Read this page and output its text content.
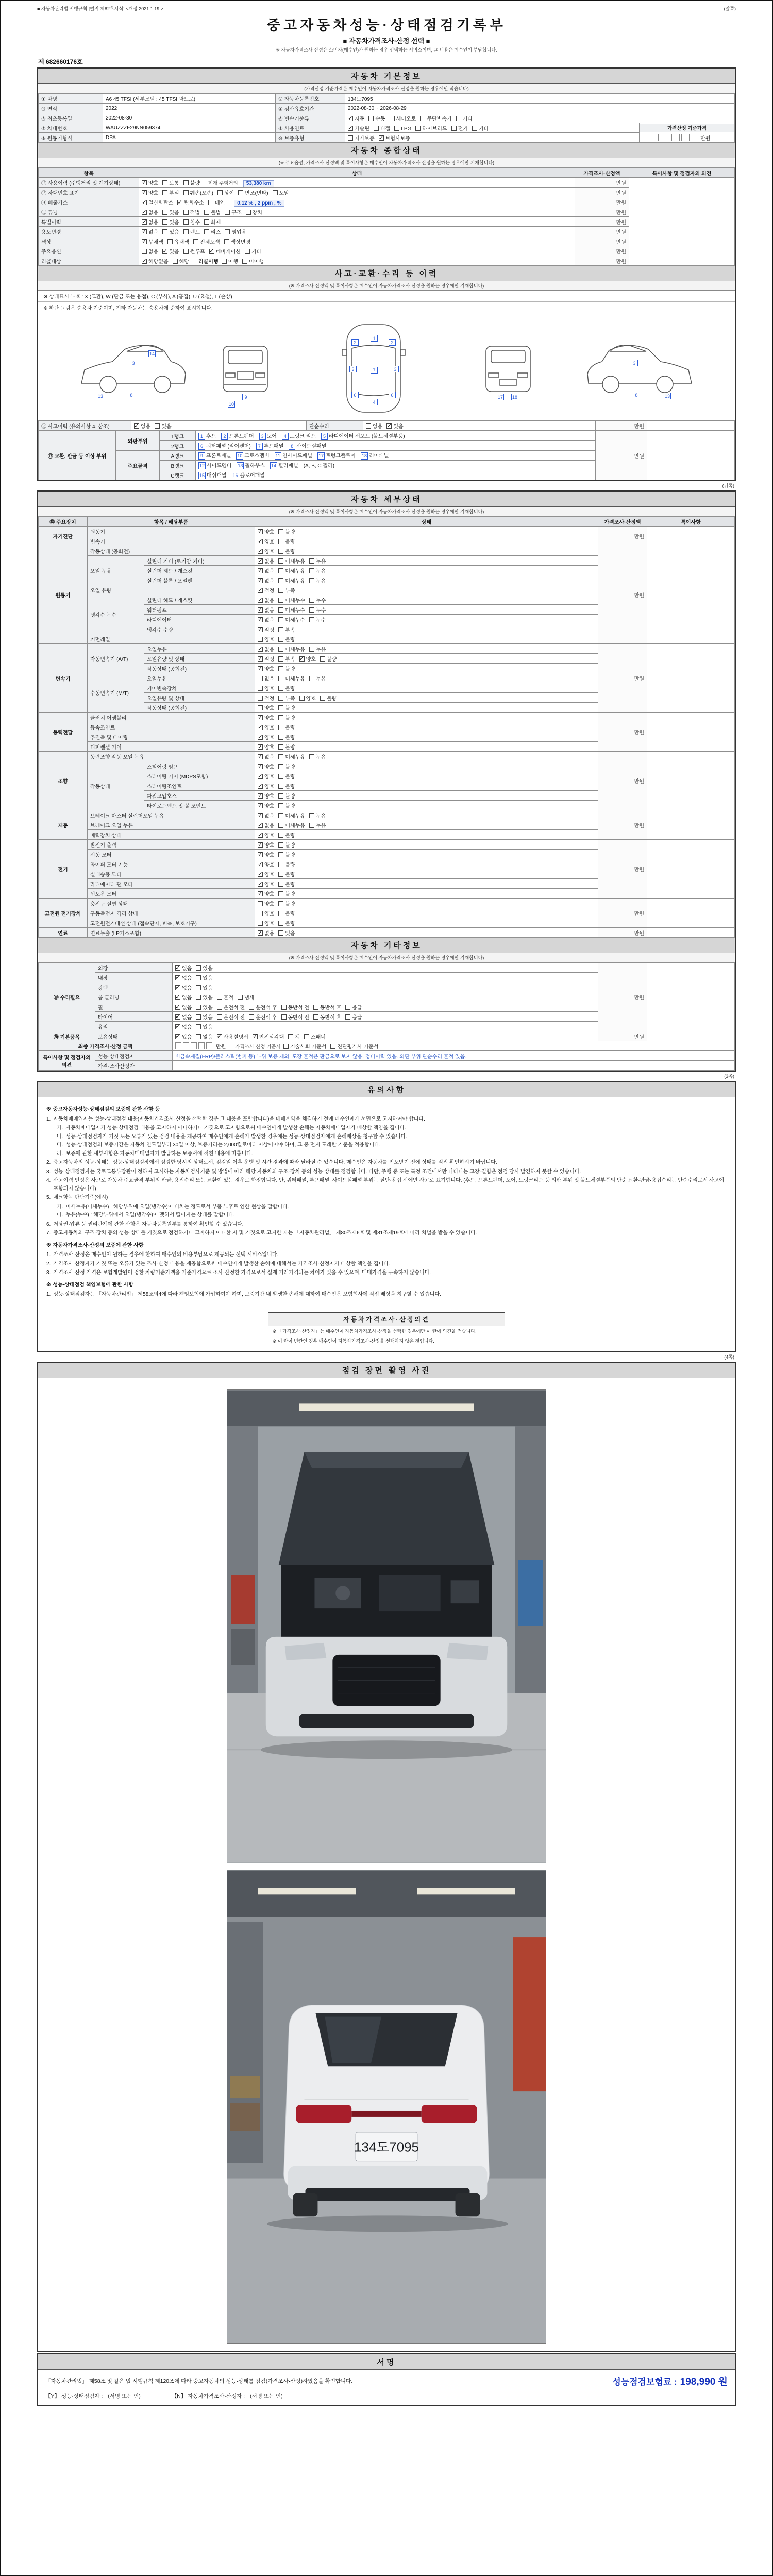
■ 자동차관리법 시행규칙 [별지 제82호서식] <개정 2021.1.19.>	(앞쪽)
중고자동차성능·상태점검기록부
■ 자동차가격조사·산정 선택 ■
※ 자동차가격조사·산정은 소비자(매수인)가 원하는 경우 선택하는 서비스이며, 그 비용은 매수인이 부담합니다.
제 682660176호
자동차 기본정보
(가격산정 기준가격은 매수인이 자동차가격조사·산정을 원하는 경우에만 적습니다)
① 차명	A6 45 TFSI (세부모델 : 45 TFSI 콰트로)	② 자동차등록번호	134도7095	
③ 연식	2022	④ 검사유효기간	2022-08-30 ~ 2026-08-29	
⑤ 최초등록일	2022-08-30	⑥ 변속기종류	✓자동 수동 세미오토 무단변속기 기타
⑦ 차대번호	WAUZZZF29NN059374	⑧ 사용연료	✓가솔린 디젤 LPG 하이브리드 전기 기타	가격산정 기준가격
만원

⑨ 원동기형식	DPA	⑩ 보증유형	자가보증 ✓ 보험사보증
자동차 종합상태
(※ 주요옵션, 가격조사·산정액 및 특이사항은 매수인이 자동차가격조사·산정을 원하는 경우에만 기재합니다)
항목	상태	가격조사·산정액	특이사항 및 점검자의 의견
⑫ 사용이력 (주행거리 및 계기상태)	✓양호 보통 불량 현재 주행거리 53,380 km	만원	
⑬ 차대번호 표기	✓양호 부식 훼손(오손) 상이 변조(변타) 도말	만원	
⑭ 배출가스	✓일산화탄소 ✓ 탄화수소 매연 0.12 % , 2 ppm , %	만원	
⑮ 튜닝	✓없음 있음 적법 불법 구조 장치	만원	
특별이력	✓없음 있음 침수 화재	만원	
용도변경	✓없음 있음 렌트 리스 영업용	만원	
색상	✓무채색 유채색 전체도색 색상변경	만원	
주요옵션	없음 ✓ 있음 썬루프 ✓ 네비게이션 기타	만원	
리콜대상	✓해당없음 해당 리콜이행 이행 미이행	만원	
사고·교환·수리 등 이력
(※ 가격조사·산정액 및 특이사항은 매수인이 자동차가격조사·산정을 원하는 경우에만 기재합니다)
※ 상태표시 부호 : X (교환), W (판금 또는 용접), C (부식), A (흠집), U (요철), T (손상)
※ 하단 그림은 승용차 기준이며, 기타 자동차는 승용차에 준하여 표시합니다.
13
3
8
14
9
10
2
1
2
3	7	3
6
4
6	17 18	8
3
13
⑯ 사고이력 (유의사항 4. 참조)	✓없음 있음	단순수리	없음 ✓ 있음	만원	
⑰ 교환, 판금 등 이상 부위	외판부위	1랭크	1 후드 2 프론트펜더 3 도어 4 트렁크 리드 5 라디에이터 서포트 (볼트체결부품)	만원	
		2랭크	6 쿼터패널 (리어펜더) 7 루프패널 8 사이드실패널		
	주요골격	A랭크	9 프론트패널 10 크로스멤버 11 인사이드패널 17 트렁크플로어 18 리어패널		
		B랭크	12 사이드멤버 13 휠하우스 14 필러패널 (A, B, C 필러)		
		C랭크	15 대쉬패널 16 플로어패널		
(뒤쪽)
자동차 세부상태
(※ 가격조사·산정액 및 특이사항은 매수인이 자동차가격조사·산정을 원하는 경우에만 기재합니다)
⑱ 주요장치	항목 / 해당부품		상태	가격조사·산정액	특이사항
자기진단	원동기	✓양호 불량	만원	
	변속기	✓양호 불량
원동기	작동상태 (공회전)	✓양호 불량	만원	
	오일 누유	실린더 커버 (로커암 커버)	✓없음 미세누유 누유
		실린더 헤드 / 개스킷	✓없음 미세누유 누유
		실린더 블록 / 오일팬	✓없음 미세누유 누유
	오일 유량	✓적정 부족
	냉각수 누수	실린더 헤드 / 개스킷	✓없음 미세누수 누수
		워터펌프	✓없음 미세누수 누수
		라디에이터	✓없음 미세누수 누수
		냉각수 수량	✓적정 부족
	커먼레일		양호 불량		
변속기	자동변속기 (A/T)	오일누유	✓없음 미세누유 누유	만원	
		오일유량 및 상태	✓적정 부족 ✓ 양호 불량
		작동상태 (공회전)	✓양호 불량
	수동변속기 (M/T)	오일누유	없음 미세누유 누유		
		기어변속장치	양호 불량		
		오일유량 및 상태	적정 부족 양호 불량		
		작동상태 (공회전)	양호 불량		
동력전달	클러치 어셈블리	✓양호 불량	만원	
	등속조인트	✓양호 불량
	추진축 및 베어링	✓양호 불량
	디퍼렌셜 기어	✓양호 불량
조향	동력조향 작동 오일 누유	✓없음 미세누유 누유	만원	
	작동상태	스티어링 펌프	✓양호 불량
		스티어링 기어 (MDPS포함)	✓양호 불량
		스티어링조인트	✓양호 불량
		파워고압호스	✓양호 불량
		타이로드엔드 및 볼 조인트	✓양호 불량
제동	브레이크 마스터 실린더오일 누유	✓없음 미세누유 누유	만원	
	브레이크 오일 누유	✓없음 미세누유 누유
	배력장치 상태	✓양호 불량
전기	발전기 출력	✓양호 불량	만원	
	시동 모터	✓양호 불량
	와이퍼 모터 기능	✓양호 불량
	실내송풍 모터	✓양호 불량
	라디에이터 팬 모터	✓양호 불량
	윈도우 모터	✓양호 불량
고전원 전기장치	충전구 절연 상태		양호 불량	만원	
	구동축전지 격리 상태		양호 불량		
	고전원전기배선 상태 (접속단자, 피복, 보호기구)		양호 불량		
연료	연료누출 (LP가스포함)	✓없음 있음	만원	
자동차 기타정보
(※ 가격조사·산정액 및 특이사항은 매수인이 자동차가격조사·산정을 원하는 경우에만 기재합니다)
⑲ 수리필요	외장	✓없음 있음	만원	
	내장	✓없음 있음
	광택	✓없음 있음
	룸 클리닝	✓없음 있음 흔적 냄새
	휠	✓없음 있음 운전석 전 운전석 후 동반석 전 동반석 후 응급
	타이어	✓없음 있음 운전석 전 운전석 후 동반석 전 동반석 후 응급
	유리	✓없음 있음
⑳ 기본품목	보유상태	✓있음 없음 ✓ 사용설명서 ✓ 안전삼각대 잭 스패너	만원	
최종 가격조사·산정 금액		만원 가격조사·산정 기준서 : 기술사회 기준서 진단평가사 기준서		
특이사항 및 점검자의 의견	성능·상태점검자	비금속재질(FRP)/플라스틱(범퍼 등) 부위 보증 제외. 도장 흔적은 판금으로 보지 않음. 정비이력 있음. 외판 부위 단순수리 흔적 있음.		
	가격·조사산정자			
(3쪽)
유의사항
※ 중고자동차성능·상태점검의 보증에 관한 사항 등
1. 자동차매매업자는 성능·상태점검 내용(자동차가격조사·산정을 선택한 경우 그 내용을 포함합니다)을 매매계약을 체결하기 전에 매수인에게 서면으로 고지하여야 합니다.
가. 자동차매매업자가 성능·상태점검 내용을 고지하지 아니하거나 거짓으로 고지함으로써 매수인에게 발생한 손해는 자동차매매업자가 배상할 책임을 집니다.
나. 성능·상태점검자가 거짓 또는 오류가 있는 점검 내용을 제공하여 매수인에게 손해가 발생한 경우에는 성능·상태점검자에게 손해배상을 청구할 수 있습니다.
다. 성능·상태점검의 보증기간은 자동차 인도일부터 30일 이상, 보증거리는 2,000킬로미터 이상이어야 하며, 그 중 먼저 도래한 기준을 적용합니다.
라. 보증에 관한 세부사항은 자동차매매업자가 발급하는 보증서에 적힌 내용에 따릅니다.
2. 중고자동차의 성능·상태는 성능·상태점검장에서 점검한 당시의 상태로서, 점검일 이후 운행 및 시간 경과에 따라 달라질 수 있습니다. 매수인은 자동차를 인도받기 전에 상태를 직접 확인하시기 바랍니다.
3. 성능·상태점검자는 국토교통부장관이 정하여 고시하는 자동차검사기준 및 방법에 따라 해당 자동차의 구조·장치 등의 성능·상태를 점검합니다. 다만, 주행 중 또는 특정 조건에서만 나타나는 고장·결함은 점검 당시 발견하지 못할 수 있습니다.
4. 사고이력 인정은 사고로 자동차 주요골격 부위의 판금, 용접수리 또는 교환이 있는 경우로 한정합니다. 단, 쿼터패널, 루프패널, 사이드실패널 부위는 절단·용접 시에만 사고로 표기합니다. (후드, 프론트펜더, 도어, 트렁크리드 등 외판 부위 및 볼트체결부품의 단순 교환·판금·용접수리는 단순수리로서 사고에 포함되지 않습니다)
5. 체크항목 판단기준(예시)
가. 미세누유(미세누수) : 해당부위에 오일(냉각수)이 비치는 정도로서 부품 노후로 인한 현상을 말합니다.
나. 누유(누수) : 해당부위에서 오일(냉각수)이 맺혀서 떨어지는 상태를 말합니다.
6. 저당권·압류 등 권리관계에 관한 사항은 자동차등록원부를 통하여 확인할 수 있습니다.
7. 중고자동차의 구조·장치 등의 성능·상태를 거짓으로 점검하거나 고지하지 아니한 자 및 거짓으로 고지한 자는 「자동차관리법」 제80조제6호 및 제81조제19호에 따라 처벌을 받을 수 있습니다.
※ 자동차가격조사·산정의 보증에 관한 사항
1. 가격조사·산정은 매수인이 원하는 경우에 한하여 매수인의 비용부담으로 제공되는 선택 서비스입니다.
2. 가격조사·산정자가 거짓 또는 오류가 있는 조사·산정 내용을 제공함으로써 매수인에게 발생한 손해에 대해서는 가격조사·산정자가 배상할 책임을 집니다.
3. 가격조사·산정 가격은 보험개발원이 정한 차량기준가액을 기준가격으로 조사·산정한 가격으로서 실제 거래가격과는 차이가 있을 수 있으며, 매매가격을 구속하지 않습니다.
※ 성능·상태점검 책임보험에 관한 사항
1. 성능·상태점검자는 「자동차관리법」 제58조의4에 따라 책임보험에 가입하여야 하며, 보증기간 내 발생한 손해에 대하여 매수인은 보험회사에 직접 배상을 청구할 수 있습니다.
자동차가격조사·산정의견
※ 「가격조사·산정자」는 매수인이 자동차가격조사·산정을 선택한 경우에만 이 란에 의견을 적습니다.
※ 이 란이 빈칸인 경우 매수인이 자동차가격조사·산정을 선택하지 않은 것입니다.
(4쪽)
점검 장면 촬영 사진
134도7095
서명
「자동차관리법」 제58조 및 같은 법 시행규칙 제120조에 따라 중고자동차의 성능·상태를 점검(가격조사·산정)하였음을 확인합니다.	성능점검보험료 : 198,990 원
【Y】 성능·상태점검자 : (서명 또는 인)	【N】 자동차가격조사·산정자 : (서명 또는 인)
